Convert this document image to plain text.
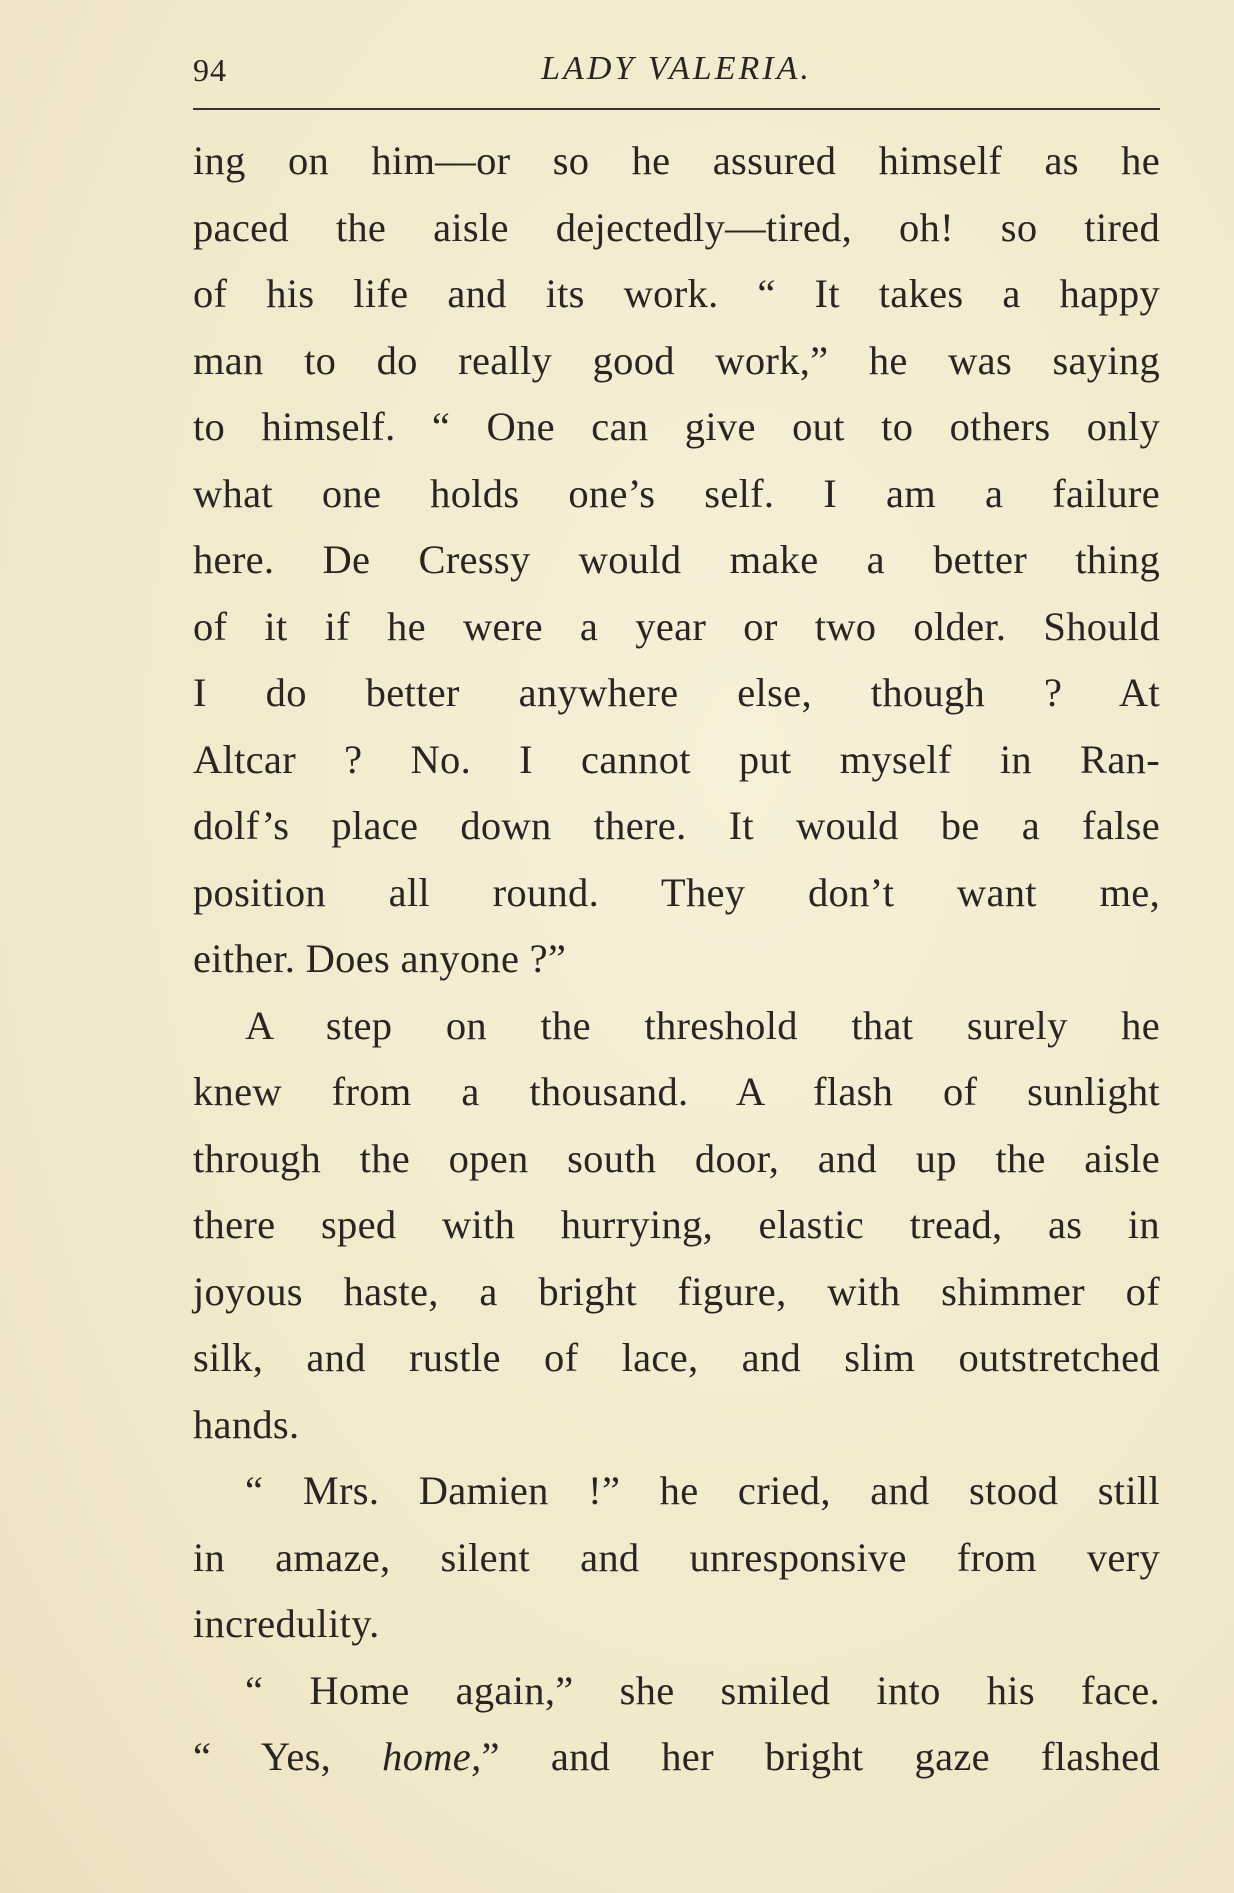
94	LADY VALERIA.
ing on him—or so he assured himself as he
paced the aisle dejectedly—tired, oh! so tired
of his life and its work. “ It takes a happy
man to do really good work,” he was saying
to himself. “ One can give out to others only
what one holds one’s self. I am a failure
here. De Cressy would make a better thing
of it if he were a year or two older. Should
I do better anywhere else, though ? At
Altcar ? No. I cannot put myself in Ran-
dolf’s place down there. It would be a false
position all round. They don’t want me,
either. Does anyone ?”
A step on the threshold that surely he
knew from a thousand. A flash of sunlight
through the open south door, and up the aisle
there sped with hurrying, elastic tread, as in
joyous haste, a bright figure, with shimmer of
silk, and rustle of lace, and slim outstretched
hands.
“ Mrs. Damien !” he cried, and stood still
in amaze, silent and unresponsive from very
incredulity.
“ Home again,” she smiled into his face.
“ Yes, home,” and her bright gaze flashed
